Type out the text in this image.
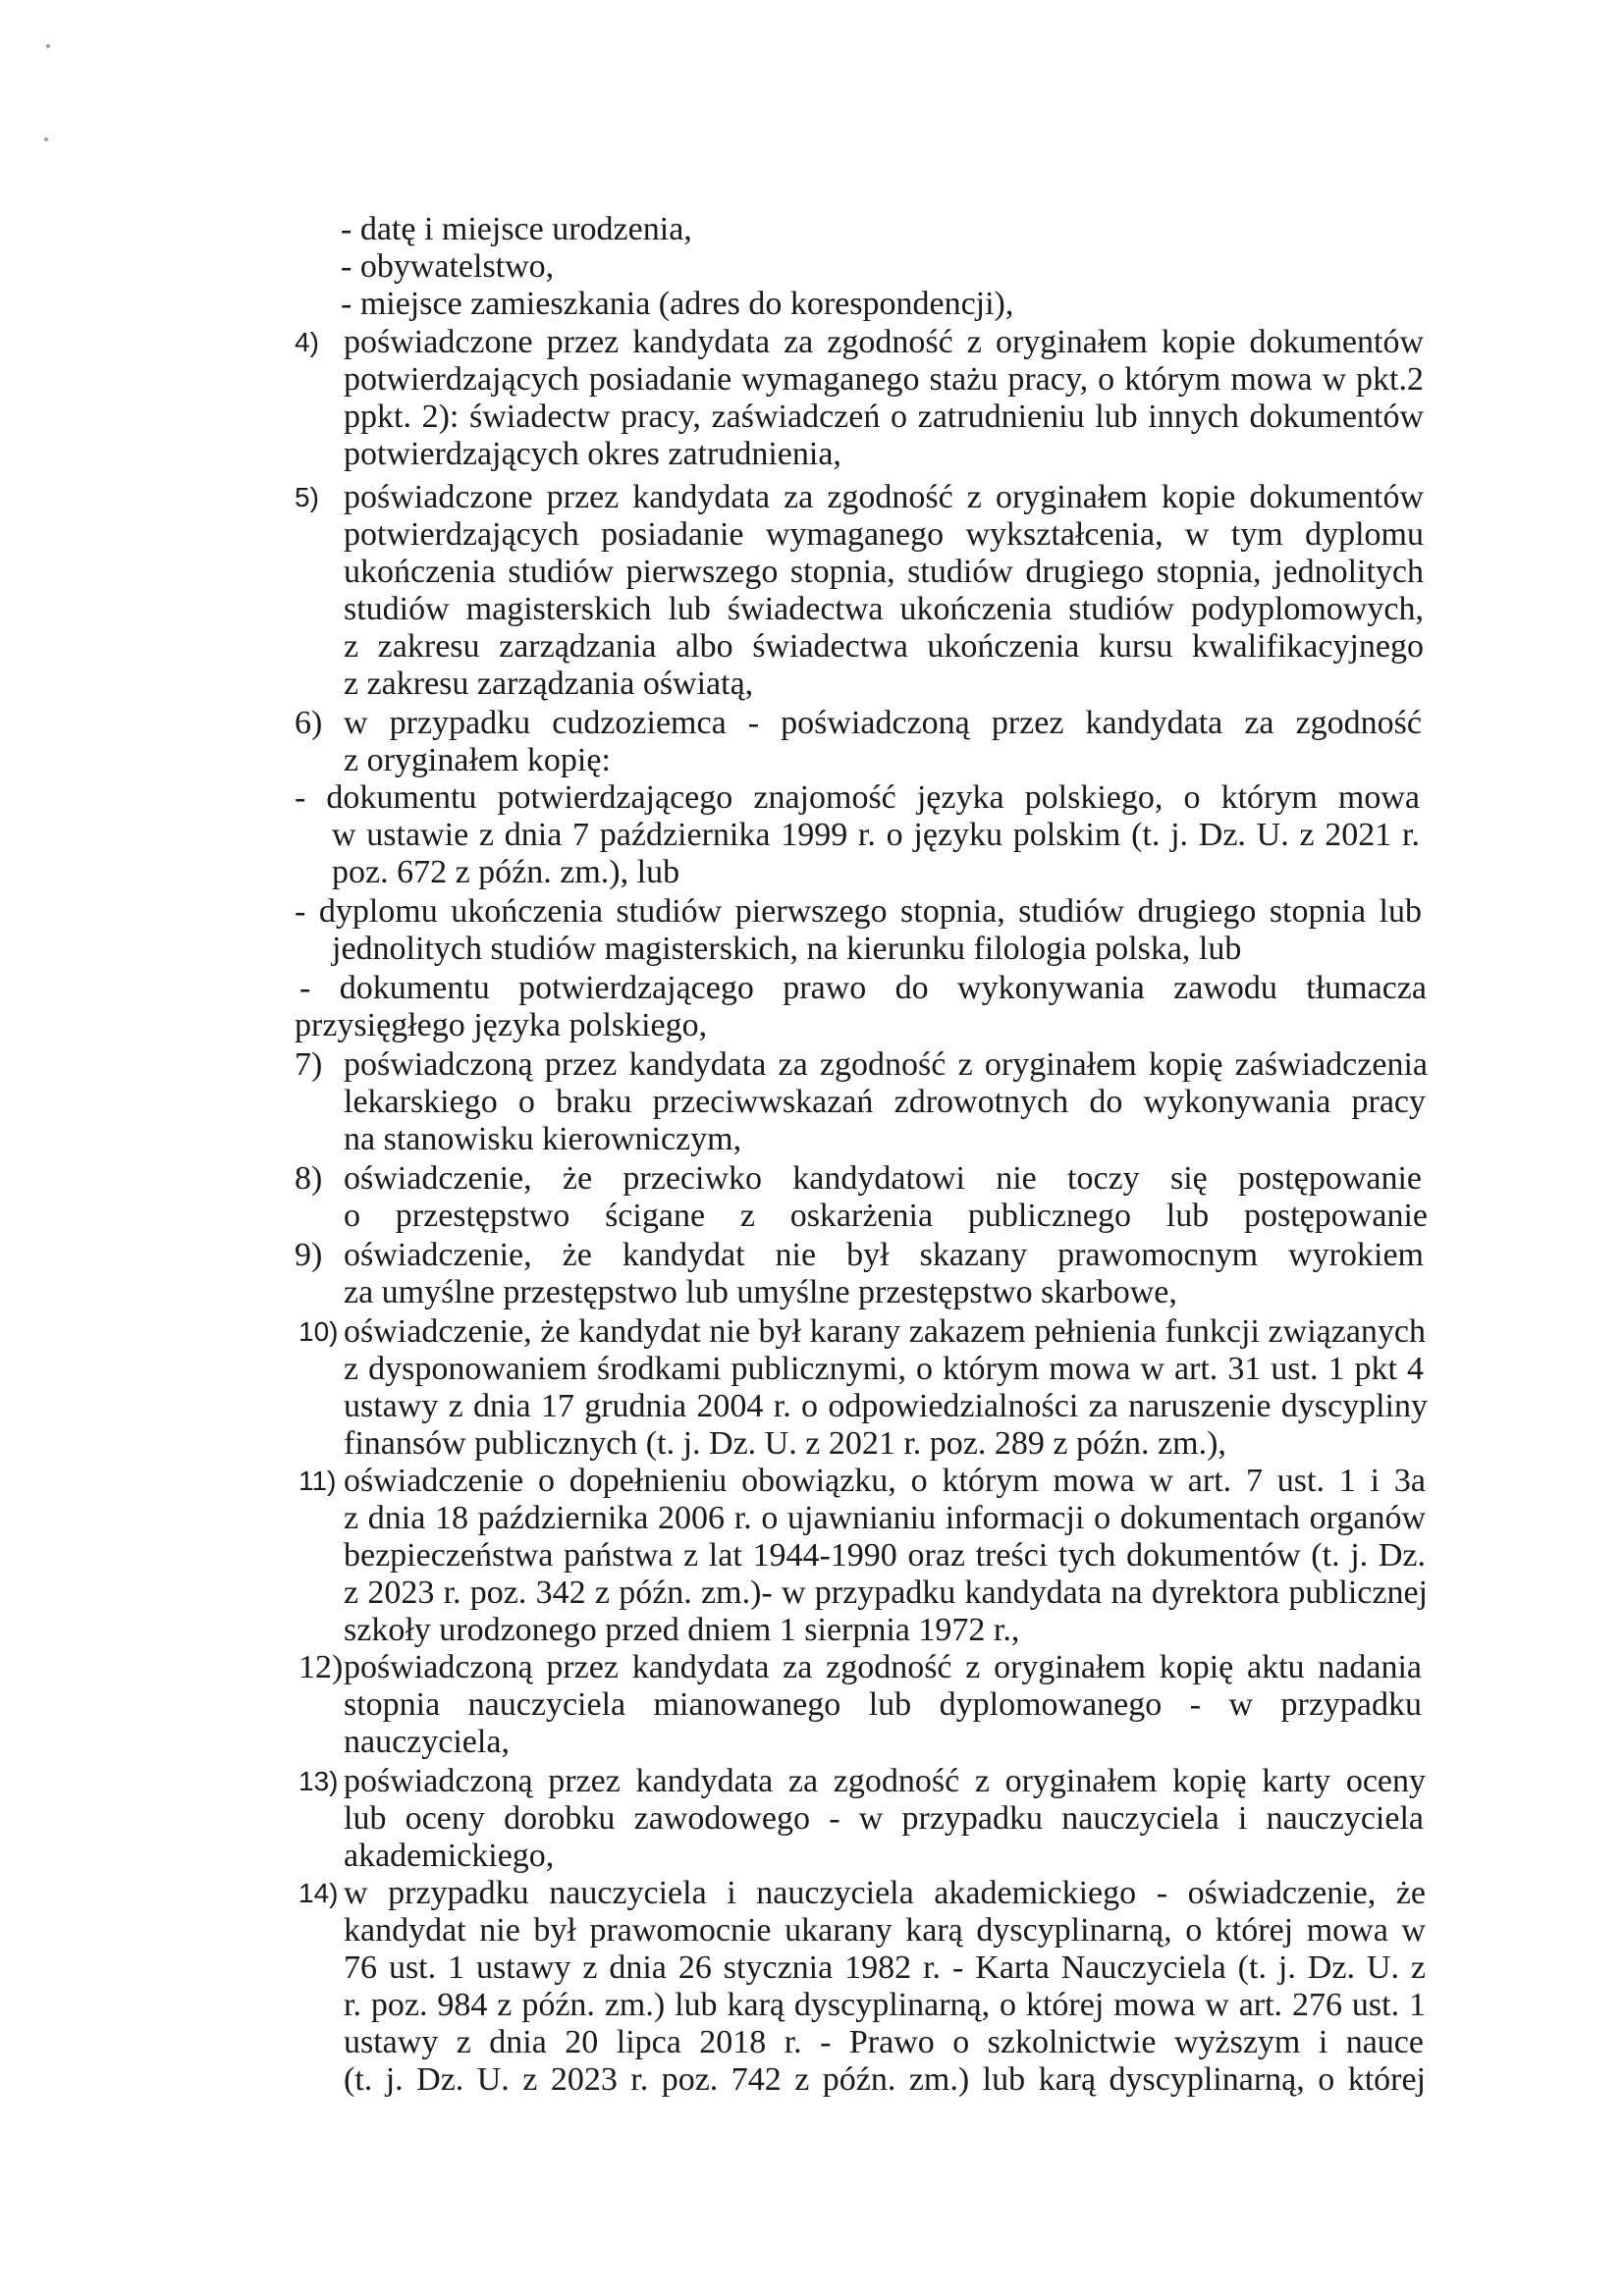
- datę i miejsce urodzenia,
- obywatelstwo,
- miejsce zamieszkania (adres do korespondencji),
poświadczone przez kandydata za zgodność z oryginałem kopie dokumentów
potwierdzających posiadanie wymaganego stażu pracy, o którym mowa w pkt.2
ppkt. 2): świadectw pracy, zaświadczeń o zatrudnieniu lub innych dokumentów
potwierdzających okres zatrudnienia,
poświadczone przez kandydata za zgodność z oryginałem kopie dokumentów
potwierdzających posiadanie wymaganego wykształcenia, w tym dyplomu
ukończenia studiów pierwszego stopnia, studiów drugiego stopnia, jednolitych
studiów magisterskich lub świadectwa ukończenia studiów podyplomowych,
z zakresu zarządzania albo świadectwa ukończenia kursu kwalifikacyjnego
z zakresu zarządzania oświatą,
w przypadku cudzoziemca - poświadczoną przez kandydata za zgodność
z oryginałem kopię:
- dokumentu potwierdzającego znajomość języka polskiego, o którym mowa
w ustawie z dnia 7 października 1999 r. o języku polskim (t. j. Dz. U. z 2021 r.
poz. 672 z późn. zm.), lub
- dyplomu ukończenia studiów pierwszego stopnia, studiów drugiego stopnia lub
jednolitych studiów magisterskich, na kierunku filologia polska, lub
- dokumentu potwierdzającego prawo do wykonywania zawodu tłumacza
przysięgłego języka polskiego,
poświadczoną przez kandydata za zgodność z oryginałem kopię zaświadczenia
lekarskiego o braku przeciwwskazań zdrowotnych do wykonywania pracy
na stanowisku kierowniczym,
oświadczenie, że przeciwko kandydatowi nie toczy się postępowanie
o przestępstwo ścigane z oskarżenia publicznego lub postępowanie
oświadczenie, że kandydat nie był skazany prawomocnym wyrokiem
za umyślne przestępstwo lub umyślne przestępstwo skarbowe,
oświadczenie, że kandydat nie był karany zakazem pełnienia funkcji związanych
z dysponowaniem środkami publicznymi, o którym mowa w art. 31 ust. 1 pkt 4
ustawy z dnia 17 grudnia 2004 r. o odpowiedzialności za naruszenie dyscypliny
finansów publicznych (t. j. Dz. U. z 2021 r. poz. 289 z późn. zm.),
oświadczenie o dopełnieniu obowiązku, o którym mowa w art. 7 ust. 1 i 3a
z dnia 18 października 2006 r. o ujawnianiu informacji o dokumentach organów
bezpieczeństwa państwa z lat 1944-1990 oraz treści tych dokumentów (t. j. Dz.
z 2023 r. poz. 342 z późn. zm.)- w przypadku kandydata na dyrektora publicznej
szkoły urodzonego przed dniem 1 sierpnia 1972 r.,
poświadczoną przez kandydata za zgodność z oryginałem kopię aktu nadania
stopnia nauczyciela mianowanego lub dyplomowanego - w przypadku
nauczyciela,
poświadczoną przez kandydata za zgodność z oryginałem kopię karty oceny
lub oceny dorobku zawodowego - w przypadku nauczyciela i nauczyciela
akademickiego,
w przypadku nauczyciela i nauczyciela akademickiego - oświadczenie, że
kandydat nie był prawomocnie ukarany karą dyscyplinarną, o której mowa w
76 ust. 1 ustawy z dnia 26 stycznia 1982 r. - Karta Nauczyciela (t. j. Dz. U. z
r. poz. 984 z późn. zm.) lub karą dyscyplinarną, o której mowa w art. 276 ust. 1
ustawy z dnia 20 lipca 2018 r. - Prawo o szkolnictwie wyższym i nauce
(t. j. Dz. U. z 2023 r. poz. 742 z późn. zm.) lub karą dyscyplinarną, o której
4)
5)
6)
7)
8)
9)
10)
11)
12)
13)
14)
